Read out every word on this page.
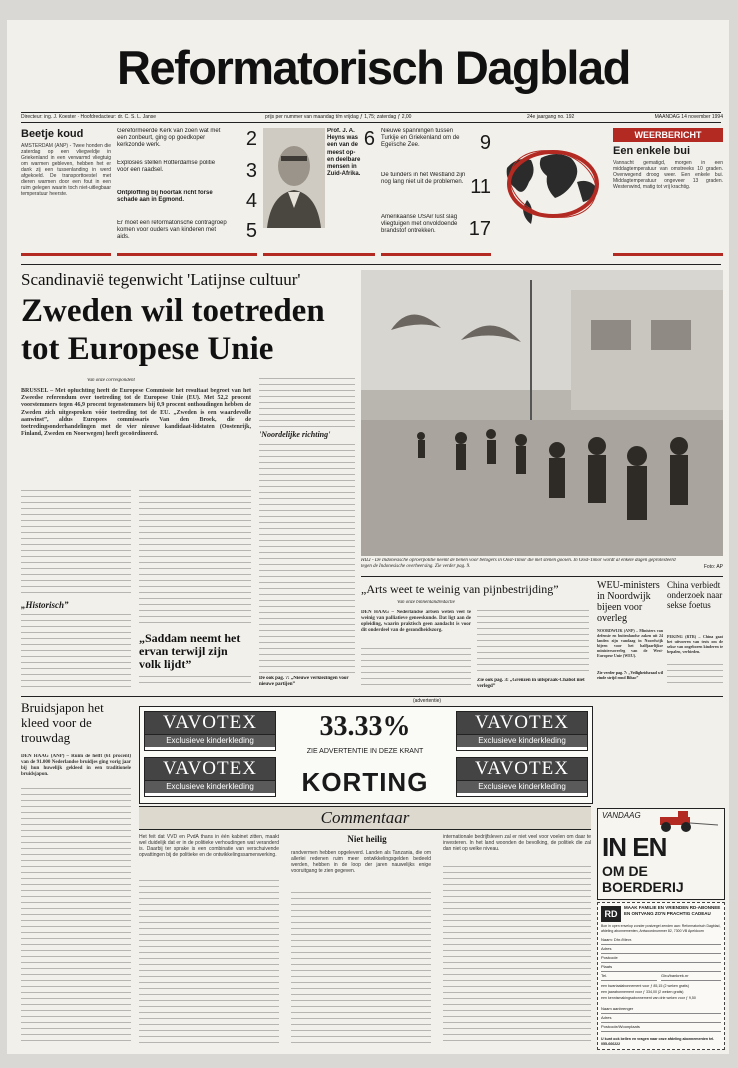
Reformatorisch Dagblad
Directeur: ing. J. Koester · Hoofdredacteur: dr. C. S. L. Janse	prijs per nummer van maandag t/m vrijdag ƒ 1,75; zaterdag ƒ 2,00	24e jaargang no. 192	MAANDAG 14 november 1994
Beetje koud
AMSTERDAM (ANP) - Twee honden die zaterdag op een vliegveldje in Griekenland in een verwarmd vliegtuig om warmen gebleven, hebben het er dank zij een tussenlanding in werd afgekoeld. De transporttoestel met dieren warmen door een fout in een ruim gelegen waarin toch niet-uitlegbaar temperatuur heerste.
Gereformeerde Kerk van zoen wat met een zonbeurt, ging op goedkoper kerkzonde werk.	2
Explosies stellen Rotterdamse politie voor een raadsel.	3
Ontploffing bij hoortak richt forse schade aan in Egmond.	4
Er moet een reformatorische contragroep komen voor ouders van kinderen met aids.	5
Prof. J. A. Heyns was een van de meest op- en deelbare mensen in Zuid-Afrika.
6 Nieuwe spanningen tussen Turkije en Griekenland om de Egeïsche Zee.	9
De tuinders in het Westland zijn nog lang niet uit de problemen. 11
Amerikaanse USAir lust slag vliegtuigen met onvoldoende brandstof ontrekken.	17
WEERBERICHT
Een enkele bui
Vannacht gematigd, morgen in een middagtemperatuur van omstreeks 10 graden. Overwegend droog weer. Een enkele bui. Middagtemperatuur ongeveer 13 graden. Westenwind, matig tot vrij krachtig.
Scandinavië tegenwicht 'Latijnse cultuur'
Zweden wil toetreden tot Europese Unie
Van onze correspondent
BRUSSEL – Met opluchting heeft de Europese Commissie het resultaat begroet van het Zweedse referendum over toetreding tot de Europese Unie (EU). Met 52,2 procent voorstemmers tegen 46,9 procent tegenstemmers bij 0,9 procent onthoudingen hebben de Zweden zich uitgesproken vóór toetreding tot de EU. „Zweden is een waardevolle aanwinst”, aldus Europees commissaris Van den Broek, die de toetredingsonderhandelingen met de vier nieuwe kandidaat-lidstaten (Oostenrijk, Finland, Zweden en Noorwegen) heeft gecoördineerd.
„Historisch”
„Saddam neemt het ervan terwijl zijn volk lijdt”
'Noordelijke richting'
De ook pag. 7: „Nieuwe verkiezingen voor nieuwe partijen”
HILI - De Indonesische oproerpolitie neemt de benen voor betogers in Oost-Timor die met stenen gooien. In Oost-Timor wordt al enkele dagen geprotesteerd tegen de Indonesische overheersing. Zie verder pag. 9.	Foto: AP
„Arts weet te weinig van pijnbestrijding”
Van onze binnenlandredactie
DEN HAAG – Nederlandse artsen weten veel te weinig van palliatieve geneeskunde. Dat ligt aan de opleiding, waarin praktisch geen aandacht is voor dit onderdeel van de gezondheidszorg.
Zie ook pag. 3: „Grenzen in uitspraak-Chabot niet verlegd”
Bruidsjapon het kleed voor de trouwdag
DEN HAAG (ANP) – Ruim de helft (61 procent) van de 91.000 Nederlandse bruidjes ging vorig jaar bij hun huwelijk gekleed in een traditionele bruidsjapon.
(advertentie)
VAVOTEX
Exclusieve kinderkleding
VAVOTEX
Exclusieve kinderkleding
33.33%
ZIE ADVERTENTIE IN DEZE KRANT
KORTING
VAVOTEX
Exclusieve kinderkleding
VAVOTEX
Exclusieve kinderkleding
Commentaar
Niet heilig
Het feit dat VVD en PvdA thans in één kabinet zitten, maakt wel duidelijk dat er in de politieke verhoudingen wat veranderd is. Daarbij ter sprake is een combinatie van verschuivende opvattingen bij de politieke en de ontwikkelingssamenwerking.	randvermen hebben opgeleverd. Landen als Tanzania, die om allerlei redenen ruim meer ontwikkelingsgelden bedeeld werden, hebben in de loop der jaren nauwelijks enige vooruitgang te zien gegeven.
internationale bedrijfsleven zal er niet veel voor voelen om daar te investeren. In het land woonden de bevolking, de politiek die zal dan niet op welke niveau.
VANDAAG
IN EN
OM DE BOERDERIJ
RD
MAAK FAMILIE EN VRIENDEN RD-ABONNEE EN ONTVANG ZO'N PRACHTIG CADEAU
Bon in open envelop zonder postzegel zenden aan: Reformatorisch Dagblad, afdeling abonnementen, Antwoordnummer 82, 7300 VB Apeldoorn
Naam: Dhr./Mevr.
Adres
Postcode
Plaats
Tel.	Giro/bankrek.nr
een kwartaalabonnement voor ƒ 85,15 (2 weken gratis)
een jaarabonnement voor ƒ 334,00 (2 weken gratis)
een kennismakingsabonnement van drie weken voor ƒ 9,50
Naam aanbrenger
Adres
Postcode/Woonplaats
U kunt ook bellen en vragen naar onze afdeling abonnementen tel. 055-666222
WEU-ministers in Noordwijk bijeen voor overleg
NOORDWIJK (ANP) – Ministers van defensie en buitenlandse zaken uit 24 landen zijn vandaag in Noordwijk bijeen voor het halfjaarlijkse ministersoverleg van de West-Europese Unie (WEU).
Zie verder pag. 7: „Veiligheidsraad wil einde strijd rond Bihac”
China verbiedt onderzoek naar sekse foetus
PEKING (RTR) – China gaat het uitvoeren van tests om de sekse van ongeboren kinderen te bepalen, verbieden.
